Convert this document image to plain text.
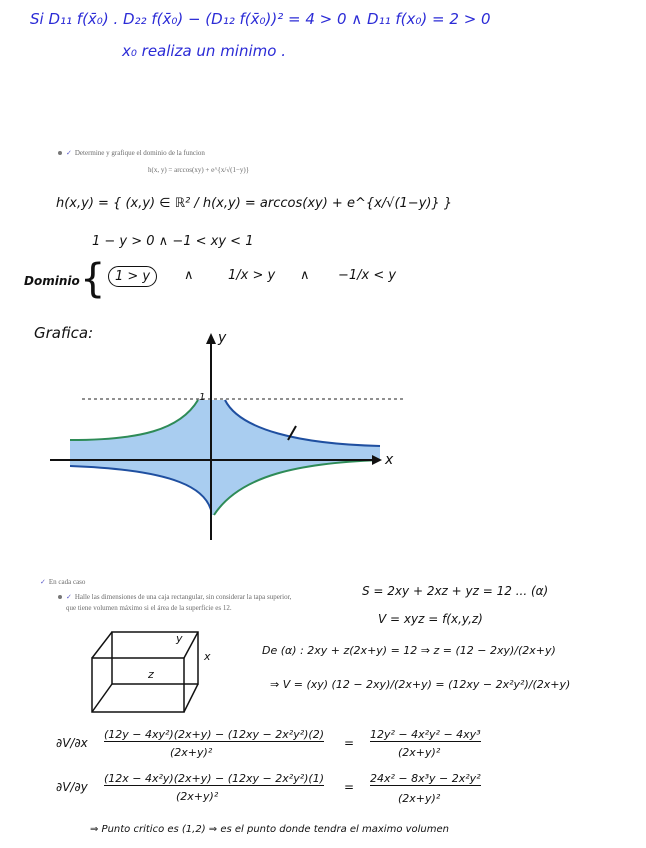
Si D₁₁ f(x̄₀) . D₂₂ f(x̄₀) − (D₁₂ f(x̄₀))² = 4 > 0 ∧ D₁₁ f(x₀) = 2 > 0
x₀ realiza un minimo .
✓ Determine y grafique el dominio de la funcion
h(x, y) = arccos(xy) + e^{x/√(1−y)}
h(x,y) = { (x,y) ∈ ℝ² / h(x,y) = arccos(xy) + e^{x/√(1−y)} }
1 − y > 0 ∧ −1 < xy < 1
Dominio { 1 > y	∧	1/x > y ∧ −1/x < y
Grafica:	y
x
1
✓ En cada caso
✓ Halle las dimensiones de una caja rectangular, sin considerar la tapa superior,
que tiene volumen máximo si el área de la superficie es 12.
y
x
z
S = 2xy + 2xz + yz = 12 ... (α)
V = xyz = f(x,y,z)
De (α) : 2xy + z(2x+y) = 12 ⇒ z = (12 − 2xy)/(2x+y)
⇒ V = (xy) (12 − 2xy)/(2x+y) = (12xy − 2x²y²)/(2x+y)
∂V/∂x
(12y − 4xy²)(2x+y) − (12xy − 2x²y²)(2)
(2x+y)²
=
12y² − 4x²y² − 4xy³
(2x+y)²
∂V/∂y
(12x − 4x²y)(2x+y) − (12xy − 2x²y²)(1)
(2x+y)²
=
24x² − 8x³y − 2x²y²
(2x+y)²
⇒ Punto critico es (1,2) ⇒ es el punto donde tendra el maximo volumen
